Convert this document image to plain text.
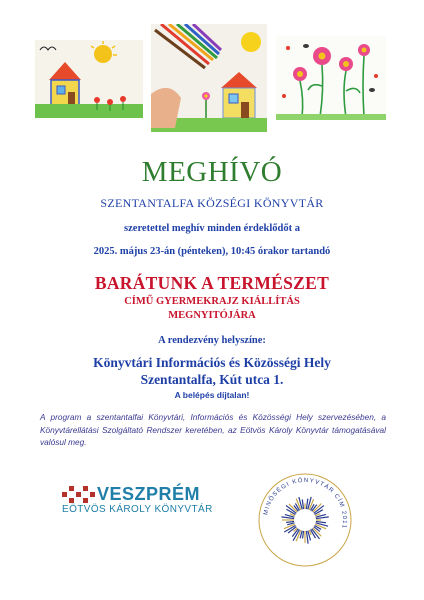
MEGHÍVÓ
SZENTANTALFA KÖZSÉGI KÖNYVTÁR
szeretettel meghív minden érdeklődőt a
2025. május 23-án (pénteken), 10:45 órakor tartandó
BARÁTUNK A TERMÉSZET
CÍMŰ GYERMEKRAJZ KIÁLLÍTÁS
MEGNYITÓJÁRA
A rendezvény helyszíne:
Könyvtári Információs és Közösségi Hely
Szentantalfa, Kút utca 1.
A belépés díjtalan!
A program a szentantalfai Könyvtári, Információs és Közösségi Hely szervezésében, a Könyvtárellátási Szolgáltató Rendszer keretében, az Eötvös Károly Könyvtár támogatásával valósul meg.
VESZPRÉM
EÖTVÖS KÁROLY KÖNYVTÁR	MINŐSÉGI KÖNYVTÁR CÍM 2011
